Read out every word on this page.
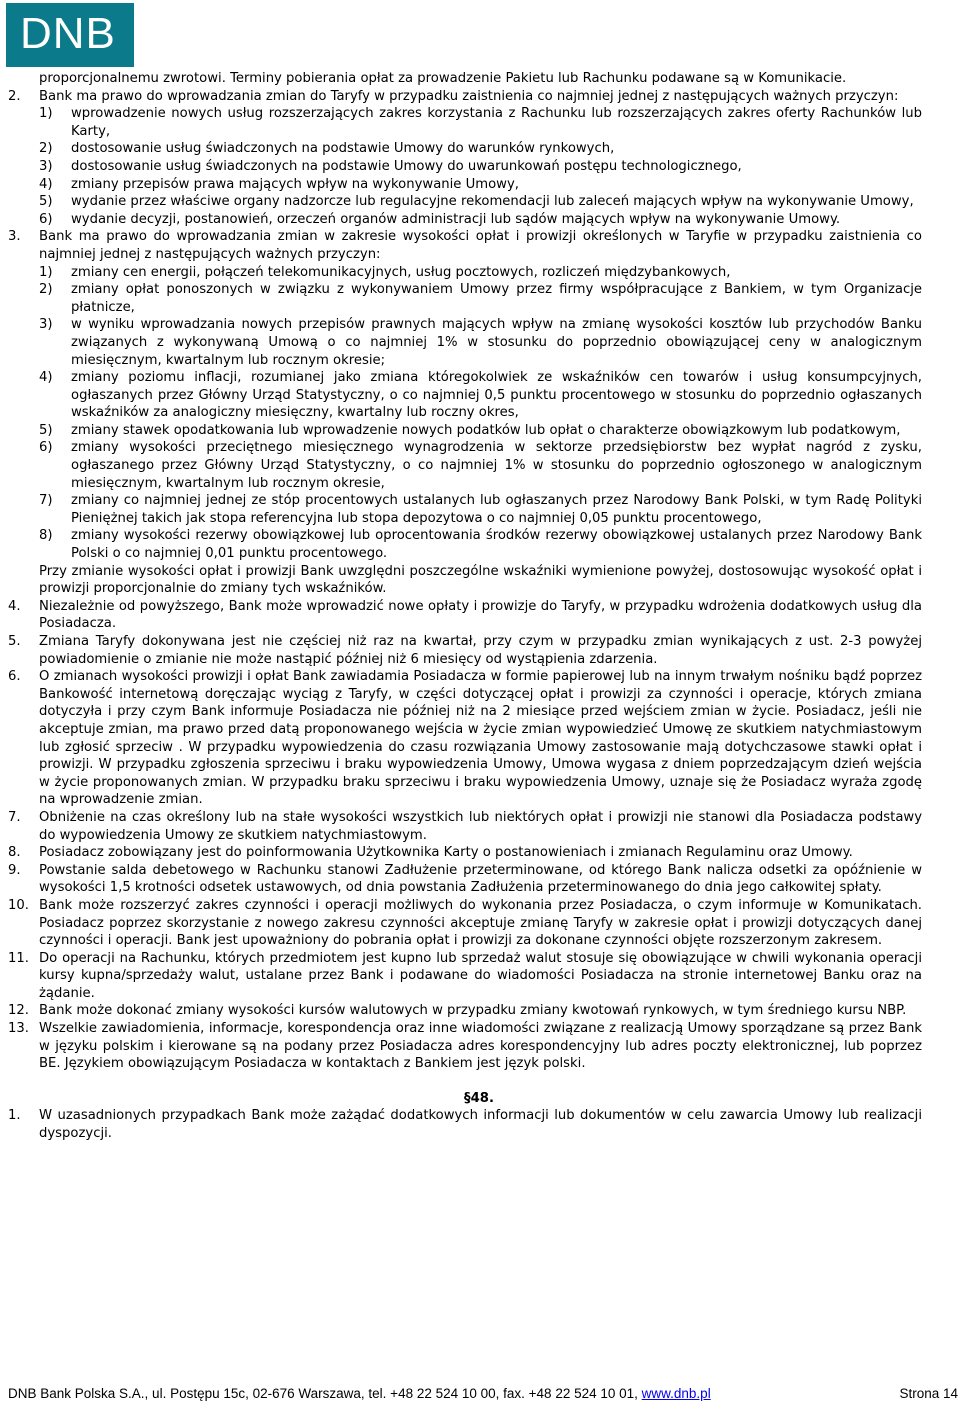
DNB
proporcjonalnemu zwrotowi. Terminy pobierania opłat za prowadzenie Pakietu lub Rachunku podawane są w Komunikacie.
2. Bank ma prawo do wprowadzania zmian do Taryfy w przypadku zaistnienia co najmniej jednej z następujących ważnych przyczyn:
1) wprowadzenie nowych usług rozszerzających zakres korzystania z Rachunku lub rozszerzających zakres oferty Rachunków lub Karty,
2) dostosowanie usług świadczonych na podstawie Umowy do warunków rynkowych,
3) dostosowanie usług świadczonych na podstawie Umowy do uwarunkowań postępu technologicznego,
4) zmiany przepisów prawa mających wpływ na wykonywanie Umowy,
5) wydanie przez właściwe organy nadzorcze lub regulacyjne rekomendacji lub zaleceń mających wpływ na wykonywanie Umowy,
6) wydanie decyzji, postanowień, orzeczeń organów administracji lub sądów mających wpływ na wykonywanie Umowy.
3. Bank ma prawo do wprowadzania zmian w zakresie wysokości opłat i prowizji określonych w Taryfie w przypadku zaistnienia co najmniej jednej z następujących ważnych przyczyn:
1) zmiany cen energii, połączeń telekomunikacyjnych, usług pocztowych, rozliczeń międzybankowych,
2) zmiany opłat ponoszonych w związku z wykonywaniem Umowy przez firmy współpracujące z Bankiem, w tym Organizacje płatnicze,
3) w wyniku wprowadzania nowych przepisów prawnych mających wpływ na zmianę wysokości kosztów lub przychodów Banku związanych z wykonywaną Umową o co najmniej 1% w stosunku do poprzednio obowiązującej ceny w analogicznym miesięcznym, kwartalnym lub rocznym okresie;
4) zmiany poziomu inflacji, rozumianej jako zmiana któregokolwiek ze wskaźników cen towarów i usług konsumpcyjnych, ogłaszanych przez Główny Urząd Statystyczny, o co najmniej 0,5 punktu procentowego w stosunku do poprzednio ogłaszanych wskaźników za analogiczny miesięczny, kwartalny lub roczny okres,
5) zmiany stawek opodatkowania lub wprowadzenie nowych podatków lub opłat o charakterze obowiązkowym lub podatkowym,
6) zmiany wysokości przeciętnego miesięcznego wynagrodzenia w sektorze przedsiębiorstw bez wypłat nagród z zysku, ogłaszanego przez Główny Urząd Statystyczny, o co najmniej 1% w stosunku do poprzednio ogłoszonego w analogicznym miesięcznym, kwartalnym lub rocznym okresie,
7) zmiany co najmniej jednej ze stóp procentowych ustalanych lub ogłaszanych przez Narodowy Bank Polski, w tym Radę Polityki Pieniężnej takich jak stopa referencyjna lub stopa depozytowa o co najmniej 0,05 punktu procentowego,
8) zmiany wysokości rezerwy obowiązkowej lub oprocentowania środków rezerwy obowiązkowej ustalanych przez Narodowy Bank Polski o co najmniej 0,01 punktu procentowego.
Przy zmianie wysokości opłat i prowizji Bank uwzględni poszczególne wskaźniki wymienione powyżej, dostosowując wysokość opłat i prowizji proporcjonalnie do zmiany tych wskaźników.
4. Niezależnie od powyższego, Bank może wprowadzić nowe opłaty i prowizje do Taryfy, w przypadku wdrożenia dodatkowych usług dla Posiadacza.
5. Zmiana Taryfy dokonywana jest nie częściej niż raz na kwartał, przy czym w przypadku zmian wynikających z ust. 2-3 powyżej powiadomienie o zmianie nie może nastąpić później niż 6 miesięcy od wystąpienia zdarzenia.
6. O zmianach wysokości prowizji i opłat Bank zawiadamia Posiadacza w formie papierowej lub na innym trwałym nośniku bądź poprzez Bankowość internetową doręczając wyciąg z Taryfy, w części dotyczącej opłat i prowizji za czynności i operacje, których zmiana dotyczyła i przy czym Bank informuje Posiadacza nie później niż na 2 miesiące przed wejściem zmian w życie. Posiadacz, jeśli nie akceptuje zmian, ma prawo przed datą proponowanego wejścia w życie zmian wypowiedzieć Umowę ze skutkiem natychmiastowym lub zgłosić sprzeciw . W przypadku wypowiedzenia do czasu rozwiązania Umowy zastosowanie mają dotychczasowe stawki opłat i prowizji. W przypadku zgłoszenia sprzeciwu i braku wypowiedzenia Umowy, Umowa wygasa z dniem poprzedzającym dzień wejścia w życie proponowanych zmian. W przypadku braku sprzeciwu i braku wypowiedzenia Umowy, uznaje się że Posiadacz wyraża zgodę na wprowadzenie zmian.
7. Obniżenie na czas określony lub na stałe wysokości wszystkich lub niektórych opłat i prowizji nie stanowi dla Posiadacza podstawy do wypowiedzenia Umowy ze skutkiem natychmiastowym.
8. Posiadacz zobowiązany jest do poinformowania Użytkownika Karty o postanowieniach i zmianach Regulaminu oraz Umowy.
9. Powstanie salda debetowego w Rachunku stanowi Zadłużenie przeterminowane, od którego Bank nalicza odsetki za opóźnienie w wysokości 1,5 krotności odsetek ustawowych, od dnia powstania Zadłużenia przeterminowanego do dnia jego całkowitej spłaty.
10. Bank może rozszerzyć zakres czynności i operacji możliwych do wykonania przez Posiadacza, o czym informuje w Komunikatach. Posiadacz poprzez skorzystanie z nowego zakresu czynności akceptuje zmianę Taryfy w zakresie opłat i prowizji dotyczących danej czynności i operacji. Bank jest upoważniony do pobrania opłat i prowizji za dokonane czynności objęte rozszerzonym zakresem.
11. Do operacji na Rachunku, których przedmiotem jest kupno lub sprzedaż walut stosuje się obowiązujące w chwili wykonania operacji kursy kupna/sprzedaży walut, ustalane przez Bank i podawane do wiadomości Posiadacza na stronie internetowej Banku oraz na żądanie.
12. Bank może dokonać zmiany wysokości kursów walutowych w przypadku zmiany kwotowań rynkowych, w tym średniego kursu NBP.
13. Wszelkie zawiadomienia, informacje, korespondencja oraz inne wiadomości związane z realizacją Umowy sporządzane są przez Bank w języku polskim i kierowane są na podany przez Posiadacza adres korespondencyjny lub adres poczty elektronicznej, lub poprzez BE. Językiem obowiązującym Posiadacza w kontaktach z Bankiem jest język polski.
§48.
1. W uzasadnionych przypadkach Bank może zażądać dodatkowych informacji lub dokumentów w celu zawarcia Umowy lub realizacji dyspozycji.
DNB Bank Polska S.A., ul. Postępu 15c, 02-676 Warszawa, tel. +48 22 524 10 00, fax. +48 22 524 10 01, www.dnb.pl	Strona 14
